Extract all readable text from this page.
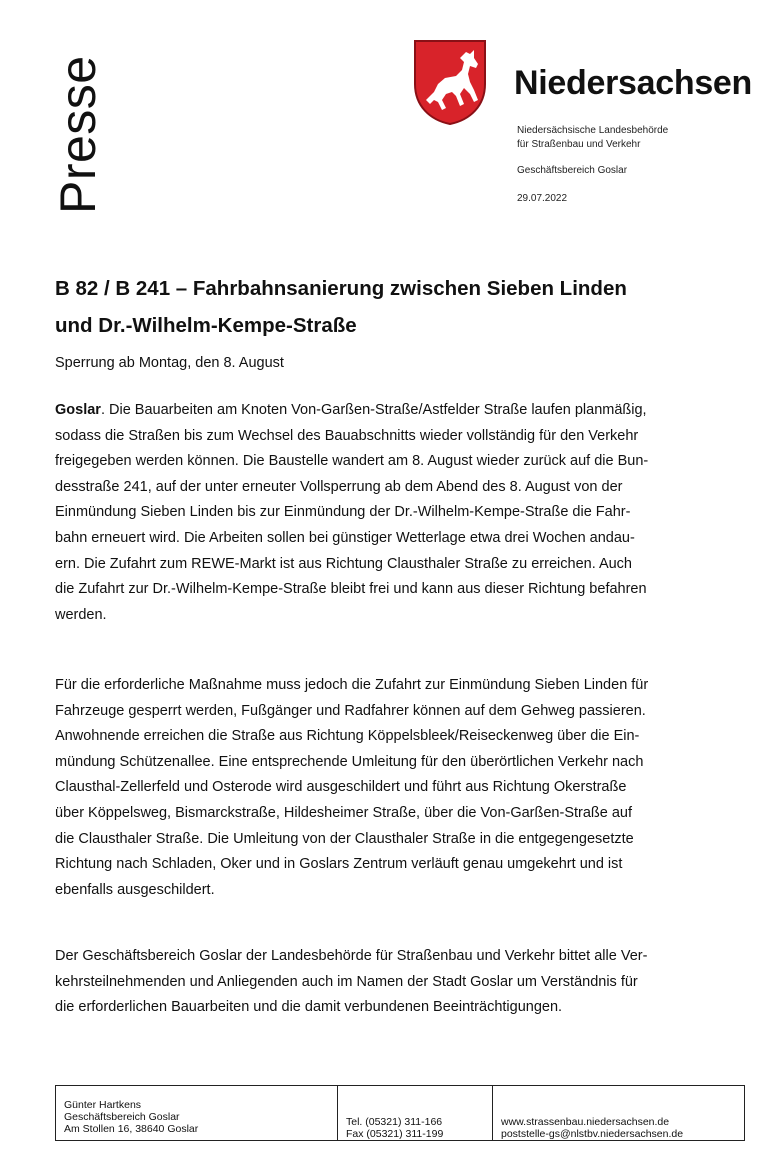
Presse	Niedersachsen
Niedersächsische Landesbehörde
für Straßenbau und Verkehr
Geschäftsbereich Goslar
29.07.2022
B 82 / B 241 – Fahrbahnsanierung zwischen Sieben Linden
und Dr.-Wilhelm-Kempe-Straße
Sperrung ab Montag, den 8. August
Goslar. Die Bauarbeiten am Knoten Von-Garßen-Straße/Astfelder Straße laufen planmäßig,
sodass die Straßen bis zum Wechsel des Bauabschnitts wieder vollständig für den Verkehr
freigegeben werden können. Die Baustelle wandert am 8. August wieder zurück auf die Bun-
desstraße 241, auf der unter erneuter Vollsperrung ab dem Abend des 8. August von der
Einmündung Sieben Linden bis zur Einmündung der Dr.-Wilhelm-Kempe-Straße die Fahr-
bahn erneuert wird. Die Arbeiten sollen bei günstiger Wetterlage etwa drei Wochen andau-
ern. Die Zufahrt zum REWE-Markt ist aus Richtung Clausthaler Straße zu erreichen. Auch
die Zufahrt zur Dr.-Wilhelm-Kempe-Straße bleibt frei und kann aus dieser Richtung befahren
werden.
Für die erforderliche Maßnahme muss jedoch die Zufahrt zur Einmündung Sieben Linden für
Fahrzeuge gesperrt werden, Fußgänger und Radfahrer können auf dem Gehweg passieren.
Anwohnende erreichen die Straße aus Richtung Köppelsbleek/Reiseckenweg über die Ein-
mündung Schützenallee. Eine entsprechende Umleitung für den überörtlichen Verkehr nach
Clausthal-Zellerfeld und Osterode wird ausgeschildert und führt aus Richtung Okerstraße
über Köppelsweg, Bismarckstraße, Hildesheimer Straße, über die Von-Garßen-Straße auf
die Clausthaler Straße. Die Umleitung von der Clausthaler Straße in die entgegengesetzte
Richtung nach Schladen, Oker und in Goslars Zentrum verläuft genau umgekehrt und ist
ebenfalls ausgeschildert.
Der Geschäftsbereich Goslar der Landesbehörde für Straßenbau und Verkehr bittet alle Ver-
kehrsteilnehmenden und Anliegenden auch im Namen der Stadt Goslar um Verständnis für
die erforderlichen Bauarbeiten und die damit verbundenen Beeinträchtigungen.
Günter Hartkens
Geschäftsbereich Goslar
Am Stollen 16, 38640 Goslar
Tel. (05321) 311-166
Fax (05321) 311-199
www.strassenbau.niedersachsen.de
poststelle-gs@nlstbv.niedersachsen.de
